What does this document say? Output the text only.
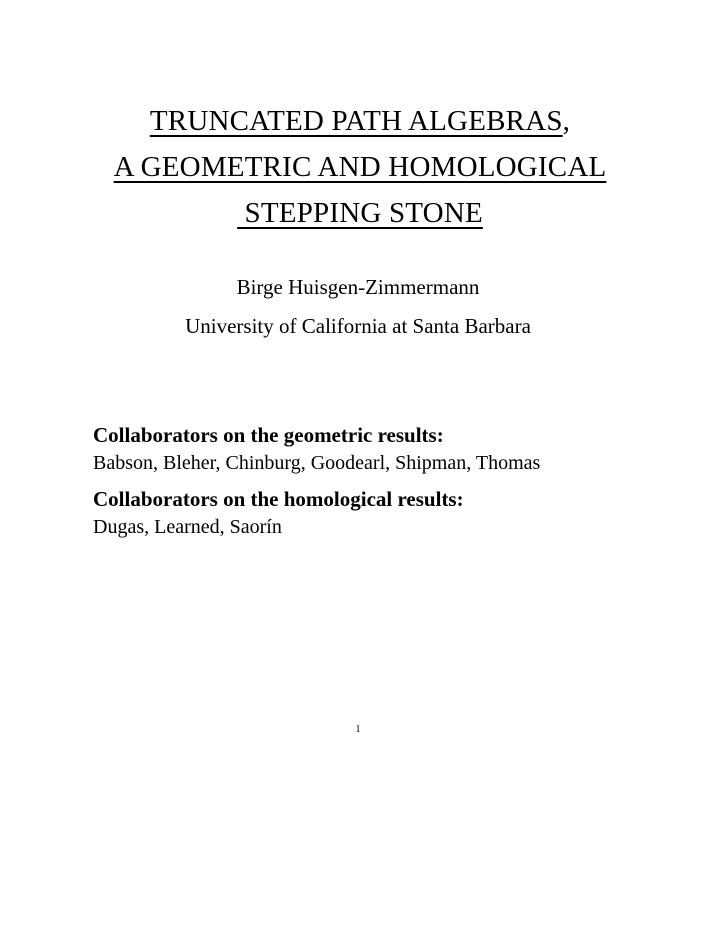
TRUNCATED PATH ALGEBRAS,
A GEOMETRIC AND HOMOLOGICAL
STEPPING STONE
Birge Huisgen-Zimmermann
University of California at Santa Barbara
Collaborators on the geometric results:
Babson, Bleher, Chinburg, Goodearl, Shipman, Thomas
Collaborators on the homological results:
Dugas, Learned, Saorín
1
